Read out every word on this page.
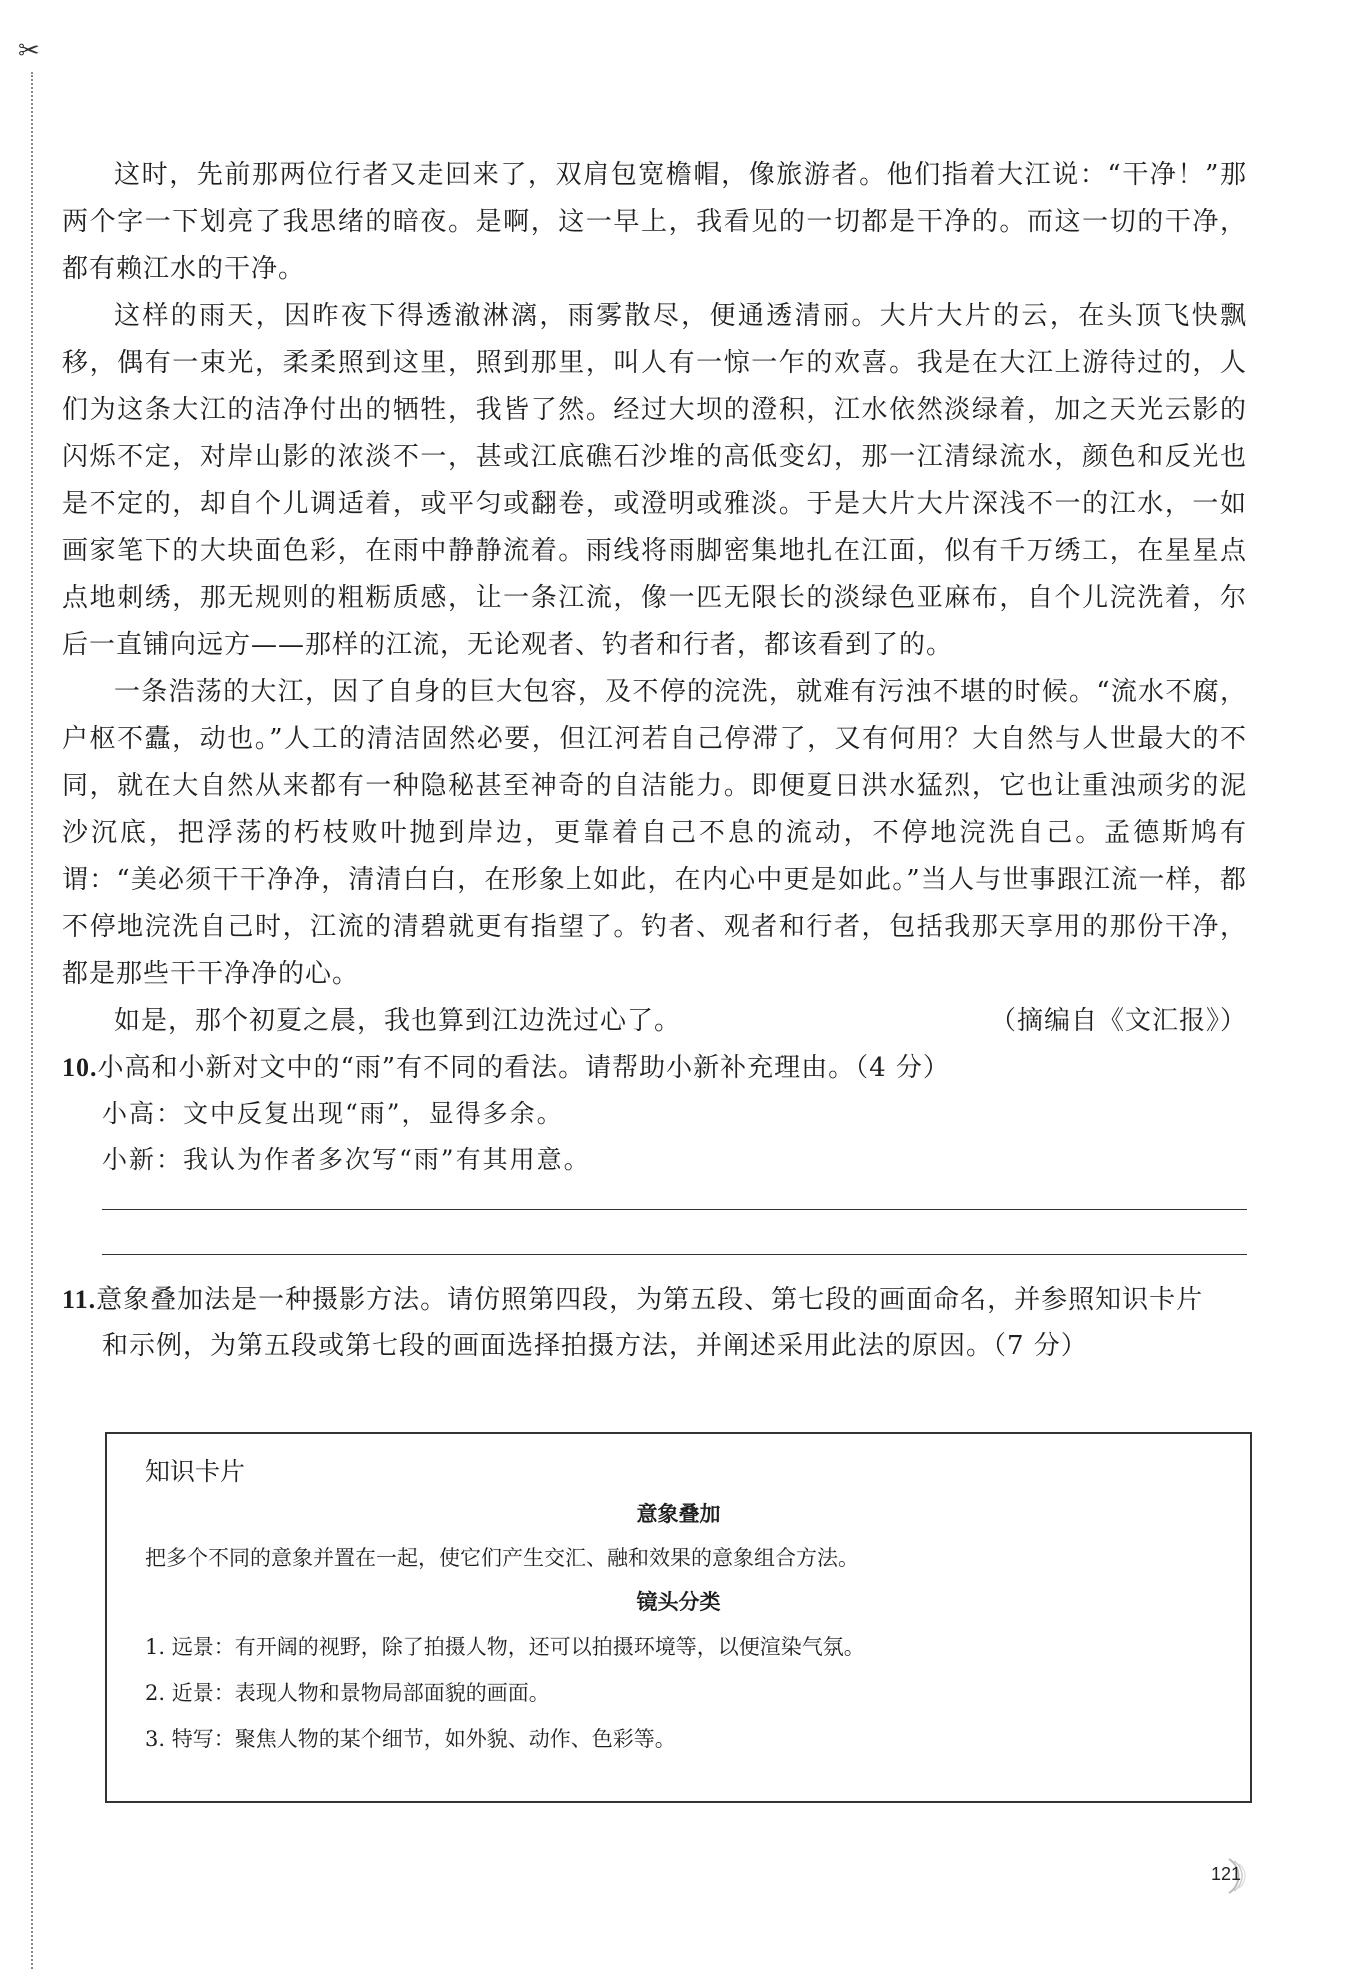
✂

这时，先前那两位行者又走回来了，双肩包宽檐帽，像旅游者。他们指着大江说：“干净！”那两个字一下划亮了我思绪的暗夜。是啊，这一早上，我看见的一切都是干净的。而这一切的干净，都有赖江水的干净。

这样的雨天，因昨夜下得透澈淋漓，雨雾散尽，便通透清丽。大片大片的云，在头顶飞快飘移，偶有一束光，柔柔照到这里，照到那里，叫人有一惊一乍的欢喜。我是在大江上游待过的，人们为这条大江的洁净付出的牺牲，我皆了然。经过大坝的澄积，江水依然淡绿着，加之天光云影的闪烁不定，对岸山影的浓淡不一，甚或江底礁石沙堆的高低变幻，那一江清绿流水，颜色和反光也是不定的，却自个儿调适着，或平匀或翻卷，或澄明或雅淡。于是大片大片深浅不一的江水，一如画家笔下的大块面色彩，在雨中静静流着。雨线将雨脚密集地扎在江面，似有千万绣工，在星星点点地刺绣，那无规则的粗粝质感，让一条江流，像一匹无限长的淡绿色亚麻布，自个儿浣洗着，尔后一直铺向远方——那样的江流，无论观者、钓者和行者，都该看到了的。

一条浩荡的大江，因了自身的巨大包容，及不停的浣洗，就难有污浊不堪的时候。“流水不腐，户枢不蠹，动也。”人工的清洁固然必要，但江河若自己停滞了，又有何用？大自然与人世最大的不同，就在大自然从来都有一种隐秘甚至神奇的自洁能力。即便夏日洪水猛烈，它也让重浊顽劣的泥沙沉底，把浮荡的朽枝败叶抛到岸边，更靠着自己不息的流动，不停地浣洗自己。孟德斯鸠有谓：“美必须干干净净，清清白白，在形象上如此，在内心中更是如此。”当人与世事跟江流一样，都不停地浣洗自己时，江流的清碧就更有指望了。钓者、观者和行者，包括我那天享用的那份干净，都是那些干干净净的心。

如是，那个初夏之晨，我也算到江边洗过心了。	（摘编自《文汇报》）
10.小高和小新对文中的“雨”有不同的看法。请帮助小新补充理由。（4 分）
小高：文中反复出现“雨”，显得多余。
小新：我认为作者多次写“雨”有其用意。
11.意象叠加法是一种摄影方法。请仿照第四段，为第五段、第七段的画面命名，并参照知识卡片
和示例，为第五段或第七段的画面选择拍摄方法，并阐述采用此法的原因。（7 分）
知识卡片
意象叠加
把多个不同的意象并置在一起，使它们产生交汇、融和效果的意象组合方法。
镜头分类
1. 远景：有开阔的视野，除了拍摄人物，还可以拍摄环境等，以便渲染气氛。
2. 近景：表现人物和景物局部面貌的画面。
3. 特写：聚焦人物的某个细节，如外貌、动作、色彩等。
121
